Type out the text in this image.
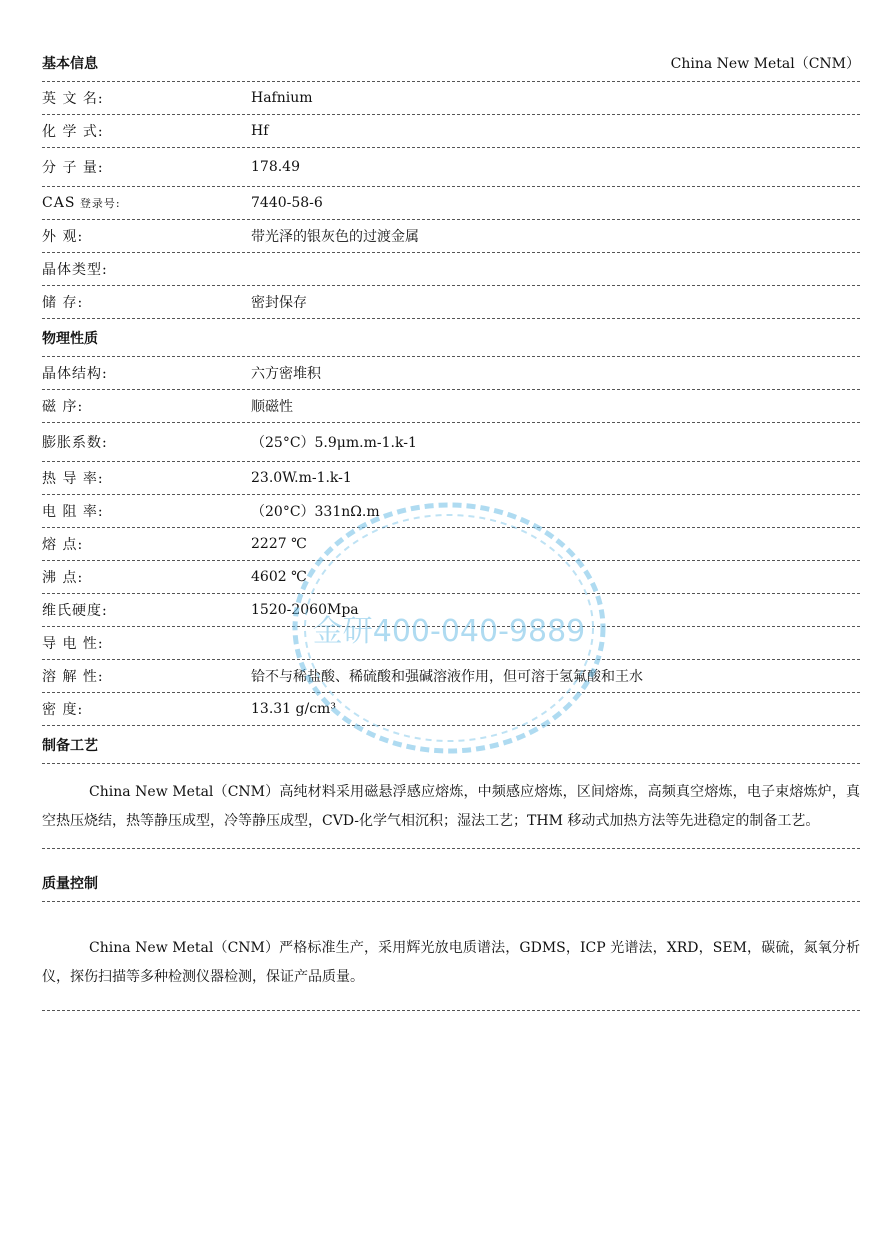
基本信息	China New Metal（CNM）
英 文 名:	Hafnium
化 学 式:	Hf
分 子 量:	178.49
CAS 登录号:	7440-58-6
外 观:	带光泽的银灰色的过渡金属
晶体类型:
储 存:	密封保存
物理性质
晶体结构:	六方密堆积
磁 序:	顺磁性
膨胀系数:	（25°C）5.9μm.m-1.k-1
热 导 率:	23.0W.m-1.k-1
电 阻 率:	（20°C）331nΩ.m
熔 点:	2227 ℃
沸 点:	4602 ℃
维氏硬度:	1520-2060Mpa
导 电 性:
溶 解 性:	铪不与稀盐酸、稀硫酸和强碱溶液作用，但可溶于氢氟酸和王水
密 度:	13.31 g/cm³
制备工艺
China New Metal（CNM）高纯材料采用磁悬浮感应熔炼，中频感应熔炼，区间熔炼，高频真空熔炼，电子束熔炼炉，真空热压烧结，热等静压成型，冷等静压成型，CVD-化学气相沉积；湿法工艺；THM 移动式加热方法等先进稳定的制备工艺。
质量控制
China New Metal（CNM）严格标准生产，采用辉光放电质谱法，GDMS，ICP 光谱法，XRD，SEM，碳硫，氮氧分析仪，探伤扫描等多种检测仪器检测，保证产品质量。
金研400-040-9889
